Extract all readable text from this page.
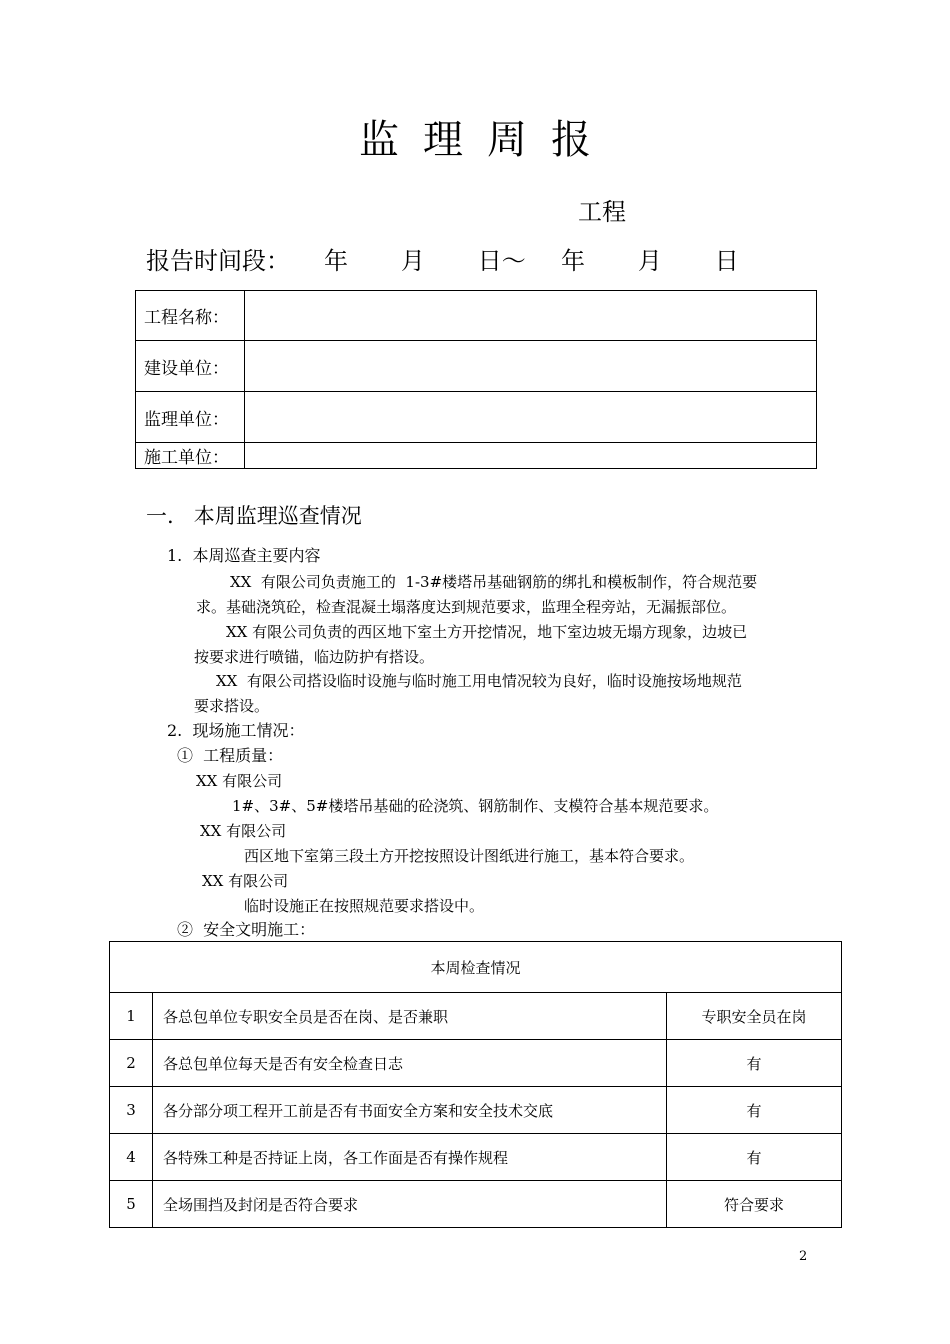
监理周报
工程
报告时间段： 年   月   日～  年   月   日
工程名称：	
建设单位：	
监理单位：	
施工单位：	
一.   本周监理巡查情况
1.  本周巡查主要内容
XX  有限公司负责施工的  1-3#楼塔吊基础钢筋的绑扎和模板制作，符合规范要
求。基础浇筑砼，检查混凝土塌落度达到规范要求，监理全程旁站，无漏振部位。
XX 有限公司负责的西区地下室土方开挖情况，地下室边坡无塌方现象，边坡已
按要求进行喷锚，临边防护有搭设。
XX  有限公司搭设临时设施与临时施工用电情况较为良好，临时设施按场地规范
要求搭设。
2.  现场施工情况：
①  工程质量：
XX 有限公司
1#、3#、5#楼塔吊基础的砼浇筑、钢筋制作、支模符合基本规范要求。
XX 有限公司
西区地下室第三段土方开挖按照设计图纸进行施工，基本符合要求。
XX 有限公司
临时设施正在按照规范要求搭设中。
②  安全文明施工：
本周检查情况		
1	各总包单位专职安全员是否在岗、是否兼职	专职安全员在岗
2	各总包单位每天是否有安全检查日志	有
3	各分部分项工程开工前是否有书面安全方案和安全技术交底	有
4	各特殊工种是否持证上岗，各工作面是否有操作规程	有
5	全场围挡及封闭是否符合要求	符合要求
2
